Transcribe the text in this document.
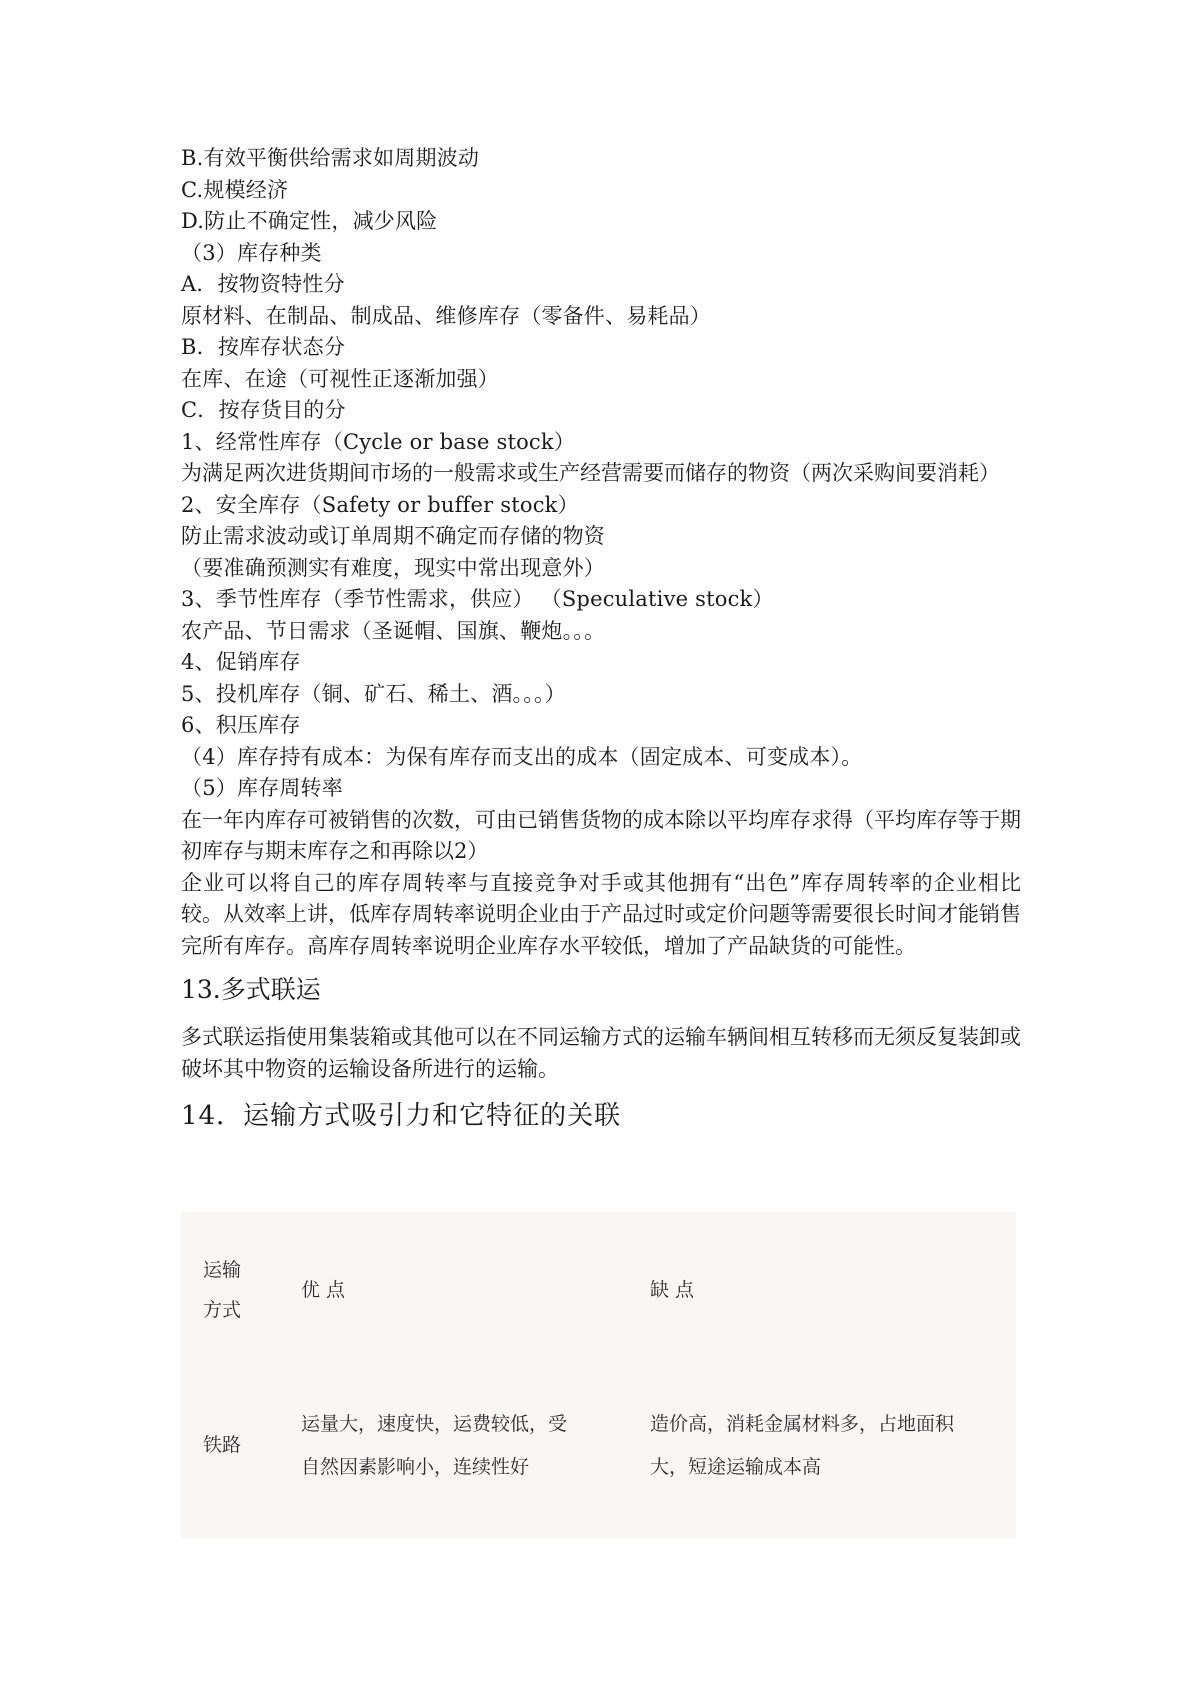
B.有效平衡供给需求如周期波动
C.规模经济
D.防止不确定性，减少风险
（3）库存种类
A．按物资特性分
原材料、在制品、制成品、维修库存（零备件、易耗品）
B．按库存状态分
在库、在途（可视性正逐渐加强）
C．按存货目的分
1、经常性库存（Cycle or base stock）
为满足两次进货期间市场的一般需求或生产经营需要而储存的物资（两次采购间要消耗）
2、安全库存（Safety or buffer stock）
防止需求波动或订单周期不确定而存储的物资
（要准确预测实有难度，现实中常出现意外）
3、季节性库存（季节性需求，供应） （Speculative stock）
农产品、节日需求（圣诞帽、国旗、鞭炮。。。
4、促销库存
5、投机库存（铜、矿石、稀土、酒。。。）
6、积压库存
（4）库存持有成本：为保有库存而支出的成本（固定成本、可变成本）。
（5）库存周转率
在一年内库存可被销售的次数，可由已销售货物的成本除以平均库存求得（平均库存等于期初库存与期末库存之和再除以2）
企业可以将自己的库存周转率与直接竞争对手或其他拥有“出色”库存周转率的企业相比较。从效率上讲，低库存周转率说明企业由于产品过时或定价问题等需要很长时间才能销售完所有库存。高库存周转率说明企业库存水平较低，增加了产品缺货的可能性。
13.多式联运
多式联运指使用集装箱或其他可以在不同运输方式的运输车辆间相互转移而无须反复装卸或破坏其中物资的运输设备所进行的运输。
14．运输方式吸引力和它特征的关联
运输
方式
优 点	缺 点
铁路
运量大，速度快，运费较低，受
自然因素影响小，连续性好
造价高，消耗金属材料多，占地面积
大，短途运输成本高
